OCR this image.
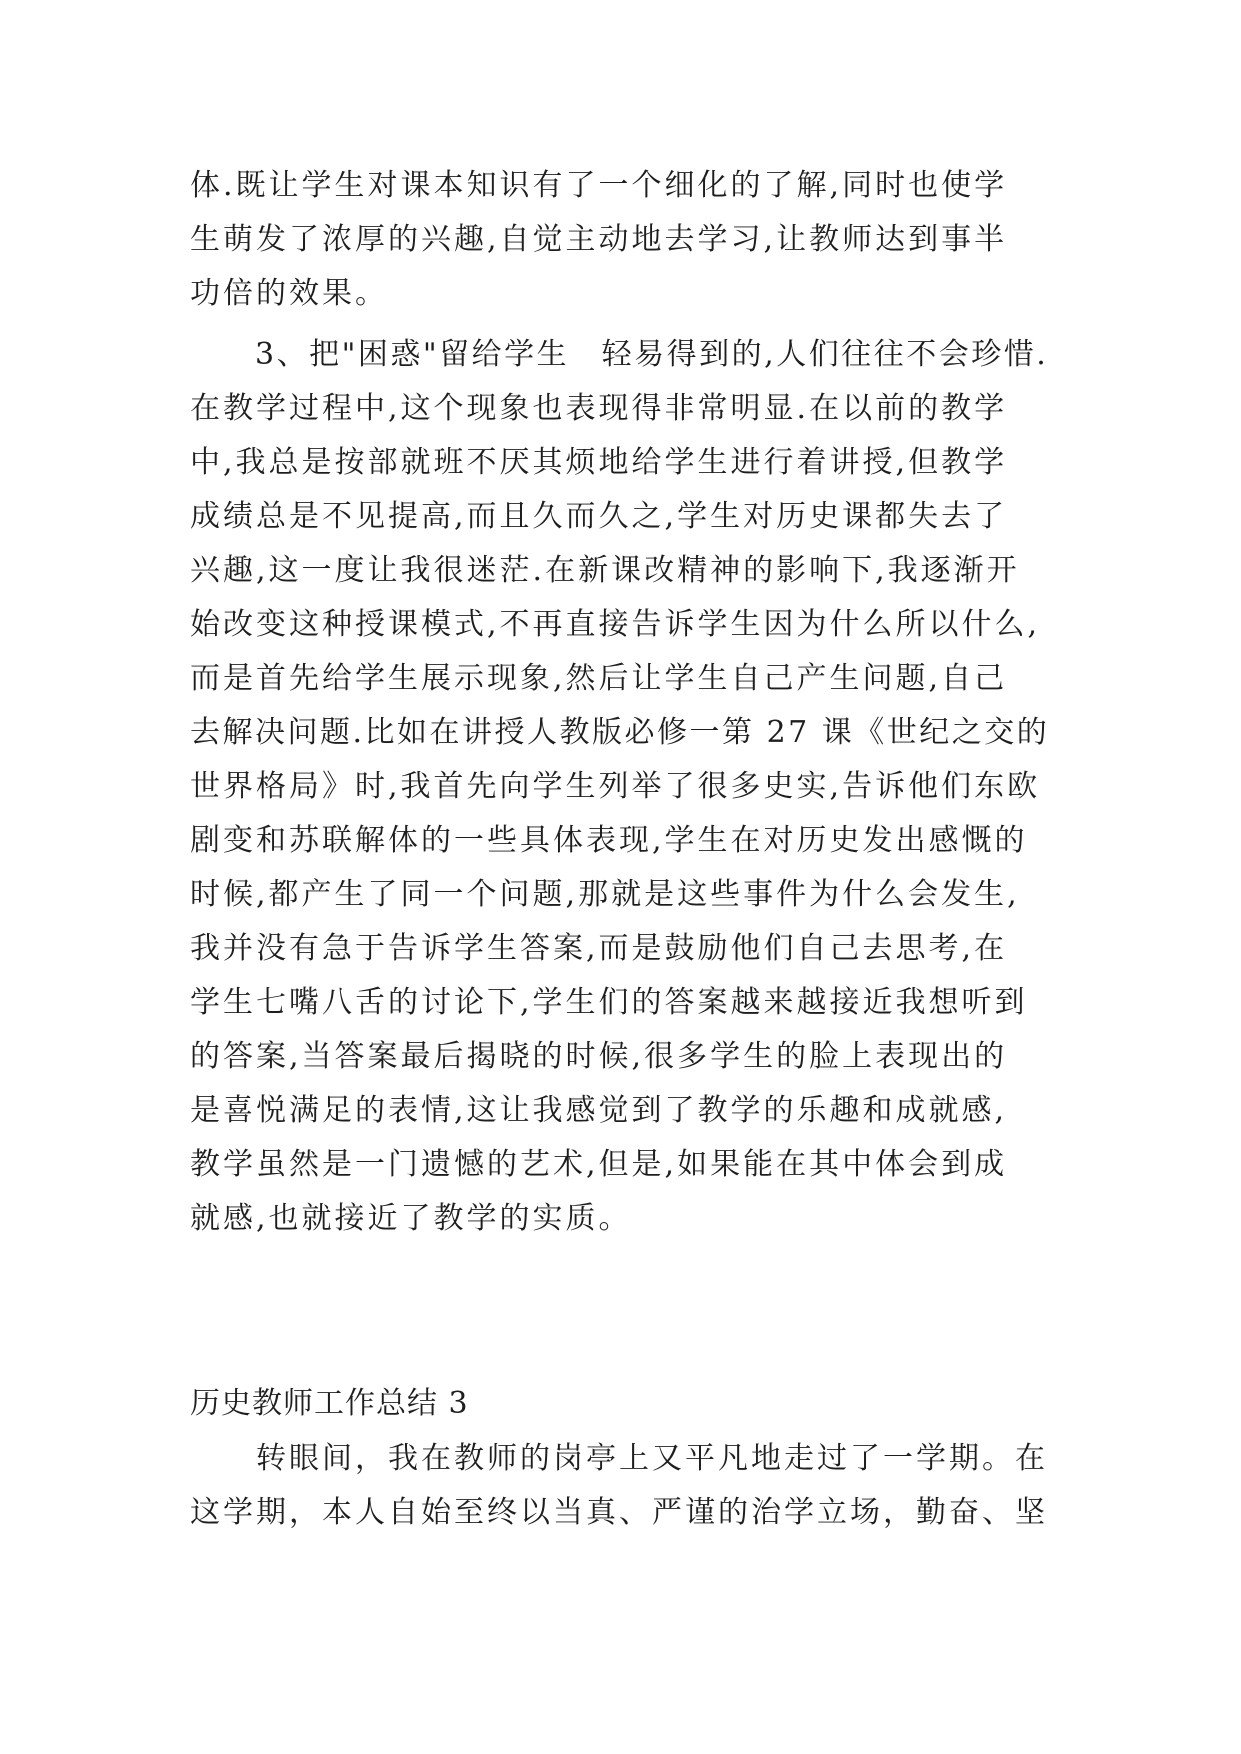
体.既让学生对课本知识有了一个细化的了解,同时也使学
生萌发了浓厚的兴趣,自觉主动地去学习,让教师达到事半
功倍的效果。
　　3、把"困惑"留给学生　轻易得到的,人们往往不会珍惜.
在教学过程中,这个现象也表现得非常明显.在以前的教学
中,我总是按部就班不厌其烦地给学生进行着讲授,但教学
成绩总是不见提高,而且久而久之,学生对历史课都失去了
兴趣,这一度让我很迷茫.在新课改精神的影响下,我逐渐开
始改变这种授课模式,不再直接告诉学生因为什么所以什么,
而是首先给学生展示现象,然后让学生自己产生问题,自己
去解决问题.比如在讲授人教版必修一第 27 课《世纪之交的
世界格局》时,我首先向学生列举了很多史实,告诉他们东欧
剧变和苏联解体的一些具体表现,学生在对历史发出感慨的
时候,都产生了同一个问题,那就是这些事件为什么会发生,
我并没有急于告诉学生答案,而是鼓励他们自己去思考,在
学生七嘴八舌的讨论下,学生们的答案越来越接近我想听到
的答案,当答案最后揭晓的时候,很多学生的脸上表现出的
是喜悦满足的表情,这让我感觉到了教学的乐趣和成就感,
教学虽然是一门遗憾的艺术,但是,如果能在其中体会到成
就感,也就接近了教学的实质。
历史教师工作总结 3
　　转眼间，我在教师的岗亭上又平凡地走过了一学期。在
这学期，本人自始至终以当真、严谨的治学立场，勤奋、坚
